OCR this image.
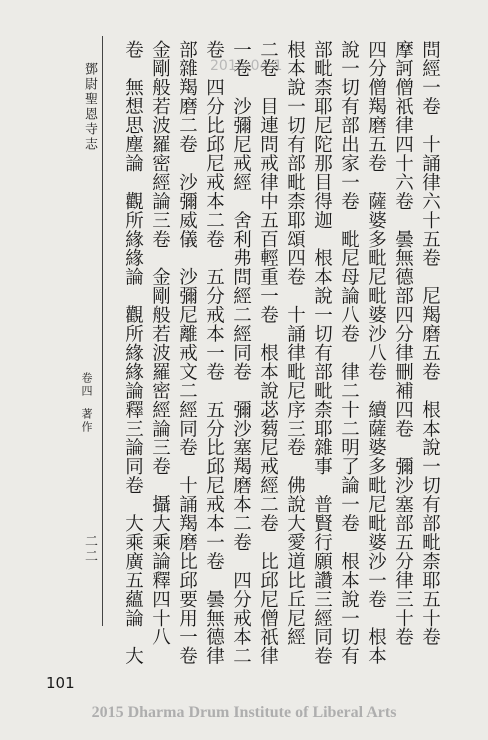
鄧尉聖恩寺志
卷四
著作
二二
2015-04-1	問經一卷　十誦律六十五卷　尼羯磨五卷　根本說一切有部毗柰耶五十卷
摩訶僧祇律四十六卷　曇無德部四分律刪補四卷　彌沙塞部五分律三十卷
四分僧羯磨五卷　薩婆多毗尼毗婆沙八卷　續薩婆多毗尼毗婆沙一卷　根本
說一切有部出家一卷　毗尼母論八卷　律二十二明了論一卷　根本說一切有
部毗柰耶尼陀那目得迦　根本說一切有部毗柰耶雜事　普賢行願讚三經同卷
根本說一切有部毗柰耶頌四卷　十誦律毗尼序三卷　佛說大愛道比丘尼經
二卷　目連問戒律中五百輕重一卷　根本說苾蒭尼戒經二卷　比邱尼僧祇律
一卷　沙彌尼戒經　舍利弗問經二經同卷　彌沙塞羯磨本二卷　四分戒本二
卷　四分比邱尼戒本二卷　五分戒本一卷　五分比邱尼戒本一卷　曇無德律
部雜羯磨二卷　沙彌威儀　沙彌尼離戒文二經同卷　十誦羯磨比邱要用一卷
金剛般若波羅密經論三卷　金剛般若波羅密經論三卷　攝大乘論釋四十八
卷　無想思塵論　觀所緣緣論　觀所緣緣論釋三論同卷　大乘廣五蘊論　大
101
2015 Dharma Drum Institute of Liberal Arts
